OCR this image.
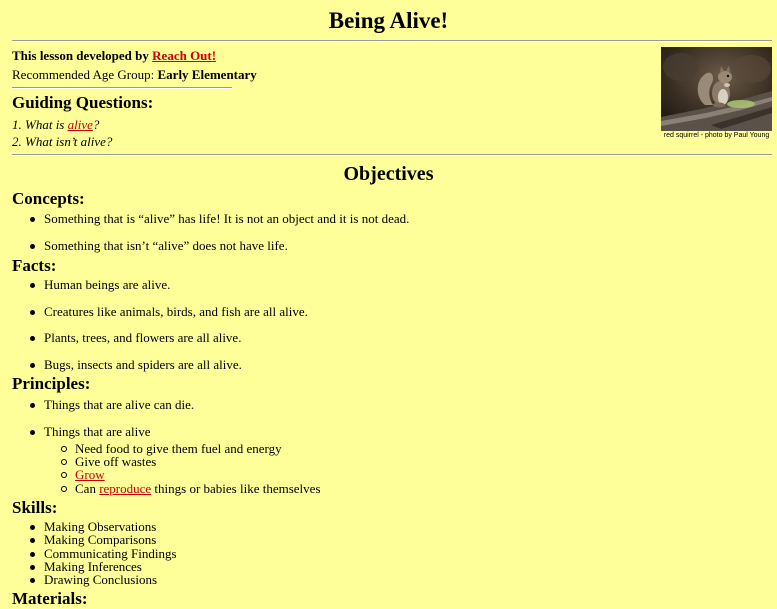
Being Alive!
This lesson developed by Reach Out!
Recommended Age Group: Early Elementary
red squirrel - photo by Paul Young
Guiding Questions:
1. What is alive?
2. What isn’t alive?
Objectives
Concepts:
Something that is “alive” has life! It is not an object and it is not dead.
Something that isn’t “alive” does not have life.
Facts:
Human beings are alive.
Creatures like animals, birds, and fish are all alive.
Plants, trees, and flowers are all alive.
Bugs, insects and spiders are all alive.
Principles:
Things that are alive can die.
Things that are alive
Need food to give them fuel and energy
Give off wastes
Grow
Can reproduce things or babies like themselves
Skills:
Making Observations
Making Comparisons
Communicating Findings
Making Inferences
Drawing Conclusions
Materials:
